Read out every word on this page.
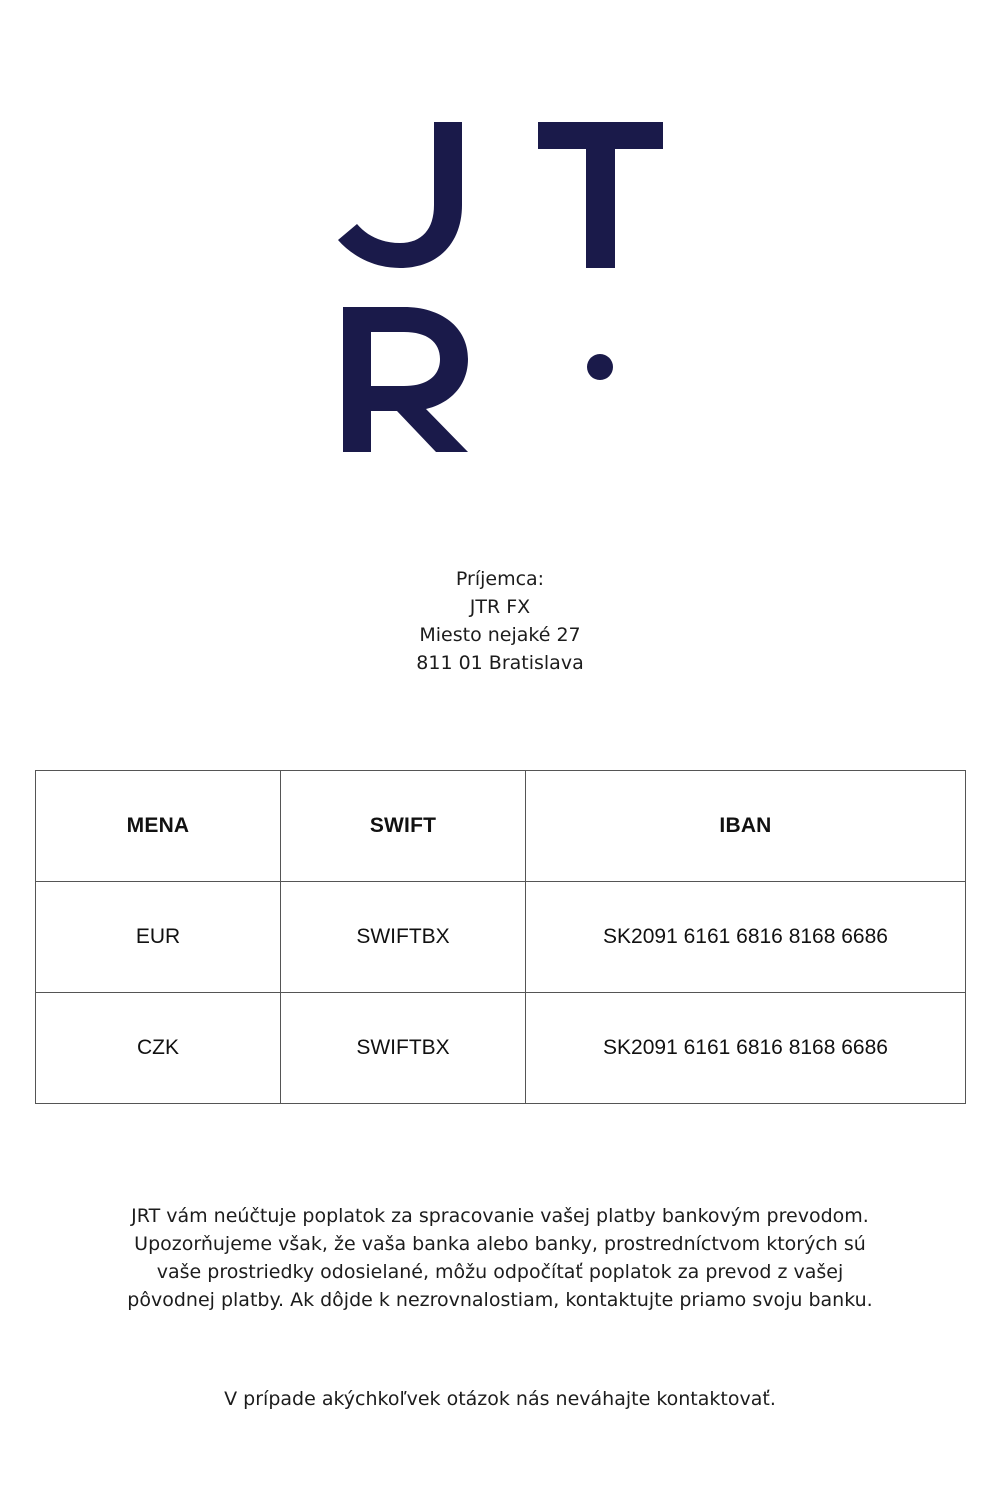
Príjemca:
JTR FX
Miesto nejaké 27
811 01 Bratislava
MENA	SWIFT	IBAN
EUR	SWIFTBX	SK2091 6161 6816 8168 6686
CZK	SWIFTBX	SK2091 6161 6816 8168 6686
JRT vám neúčtuje poplatok za spracovanie vašej platby bankovým prevodom.
Upozorňujeme však, že vaša banka alebo banky, prostredníctvom ktorých sú
vaše prostriedky odosielané, môžu odpočítať poplatok za prevod z vašej
pôvodnej platby. Ak dôjde k nezrovnalostiam, kontaktujte priamo svoju banku.
V prípade akýchkoľvek otázok nás neváhajte kontaktovať.
